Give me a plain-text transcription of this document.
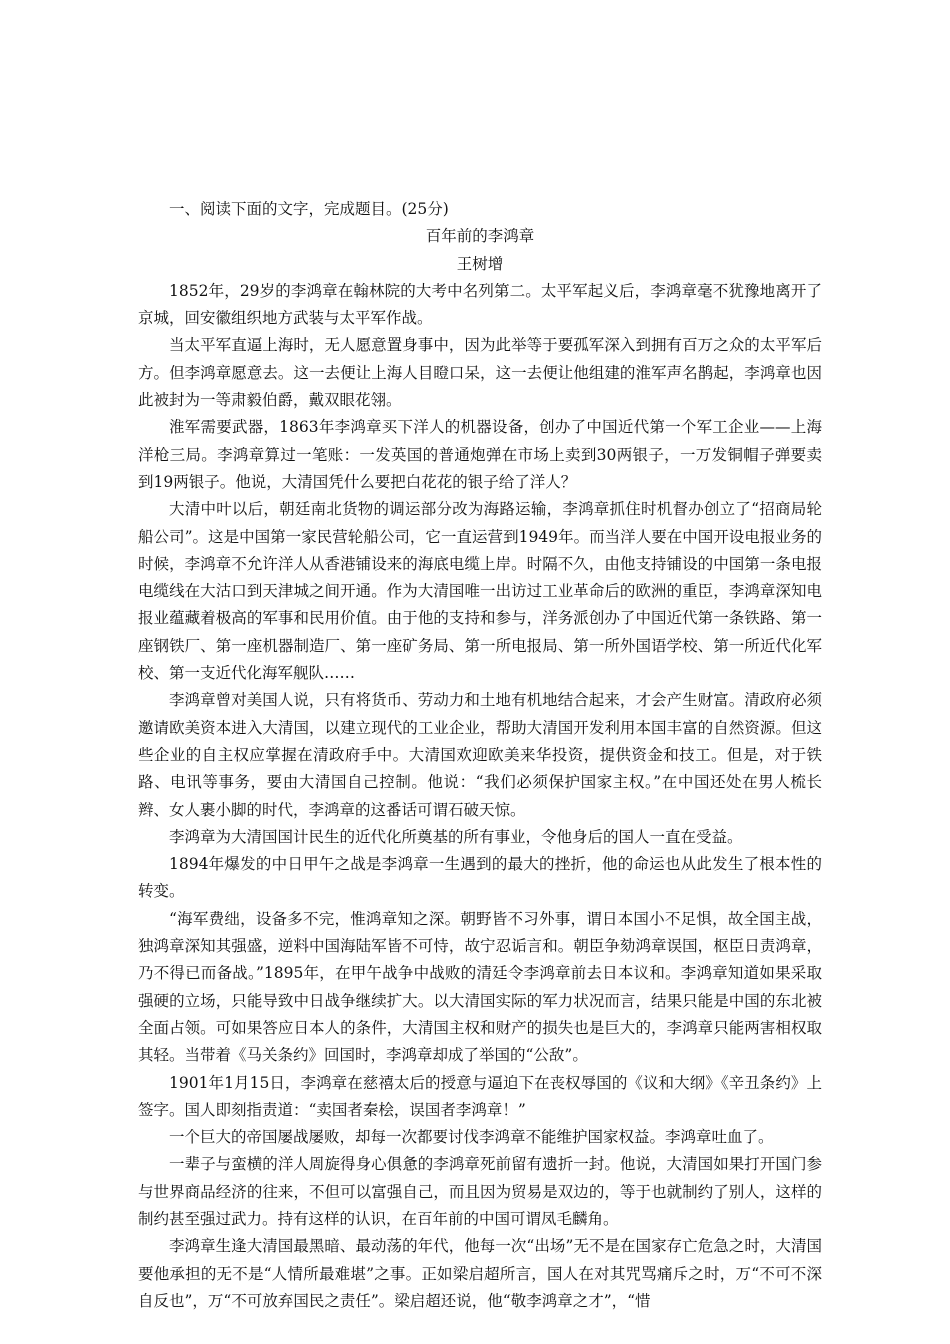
一、阅读下面的文字，完成题目。(25分)

百年前的李鸿章

王树增

1852年，29岁的李鸿章在翰林院的大考中名列第二。太平军起义后，李鸿章毫不犹豫地离开了京城，回安徽组织地方武装与太平军作战。

当太平军直逼上海时，无人愿意置身事中，因为此举等于要孤军深入到拥有百万之众的太平军后方。但李鸿章愿意去。这一去便让上海人目瞪口呆，这一去便让他组建的淮军声名鹊起，李鸿章也因此被封为一等肃毅伯爵，戴双眼花翎。

淮军需要武器，1863年李鸿章买下洋人的机器设备，创办了中国近代第一个军工企业——上海洋枪三局。李鸿章算过一笔账：一发英国的普通炮弹在市场上卖到30两银子，一万发铜帽子弹要卖到19两银子。他说，大清国凭什么要把白花花的银子给了洋人？

大清中叶以后，朝廷南北货物的调运部分改为海路运输，李鸿章抓住时机督办创立了“招商局轮船公司”。这是中国第一家民营轮船公司，它一直运营到1949年。而当洋人要在中国开设电报业务的时候，李鸿章不允许洋人从香港铺设来的海底电缆上岸。时隔不久，由他支持铺设的中国第一条电报电缆线在大沽口到天津城之间开通。作为大清国唯一出访过工业革命后的欧洲的重臣，李鸿章深知电报业蕴藏着极高的军事和民用价值。由于他的支持和参与，洋务派创办了中国近代第一条铁路、第一座钢铁厂、第一座机器制造厂、第一座矿务局、第一所电报局、第一所外国语学校、第一所近代化军校、第一支近代化海军舰队……

李鸿章曾对美国人说，只有将货币、劳动力和土地有机地结合起来，才会产生财富。清政府必须邀请欧美资本进入大清国，以建立现代的工业企业，帮助大清国开发利用本国丰富的自然资源。但这些企业的自主权应掌握在清政府手中。大清国欢迎欧美来华投资，提供资金和技工。但是，对于铁路、电讯等事务，要由大清国自己控制。他说：“我们必须保护国家主权。”在中国还处在男人梳长辫、女人裹小脚的时代，李鸿章的这番话可谓石破天惊。

李鸿章为大清国国计民生的近代化所奠基的所有事业，令他身后的国人一直在受益。

1894年爆发的中日甲午之战是李鸿章一生遇到的最大的挫折，他的命运也从此发生了根本性的转变。

“海军费绌，设备多不完，惟鸿章知之深。朝野皆不习外事，谓日本国小不足惧，故全国主战，独鸿章深知其强盛，逆料中国海陆军皆不可恃，故宁忍诟言和。朝臣争劾鸿章误国，枢臣日责鸿章，乃不得已而备战。”1895年，在甲午战争中战败的清廷令李鸿章前去日本议和。李鸿章知道如果采取强硬的立场，只能导致中日战争继续扩大。以大清国实际的军力状况而言，结果只能是中国的东北被全面占领。可如果答应日本人的条件，大清国主权和财产的损失也是巨大的，李鸿章只能两害相权取其轻。当带着《马关条约》回国时，李鸿章却成了举国的“公敌”。

1901年1月15日，李鸿章在慈禧太后的授意与逼迫下在丧权辱国的《议和大纲》《辛丑条约》上签字。国人即刻指责道：“卖国者秦桧，误国者李鸿章！”

一个巨大的帝国屡战屡败，却每一次都要讨伐李鸿章不能维护国家权益。李鸿章吐血了。

一辈子与蛮横的洋人周旋得身心俱惫的李鸿章死前留有遗折一封。他说，大清国如果打开国门参与世界商品经济的往来，不但可以富强自己，而且因为贸易是双边的，等于也就制约了别人，这样的制约甚至强过武力。持有这样的认识，在百年前的中国可谓凤毛麟角。

李鸿章生逢大清国最黑暗、最动荡的年代，他每一次“出场”无不是在国家存亡危急之时，大清国要他承担的无不是“人情所最难堪”之事。正如梁启超所言，国人在对其咒骂痛斥之时，万“不可不深自反也”，万“不可放弃国民之责任”。梁启超还说，他“敬李鸿章之才”，“惜
